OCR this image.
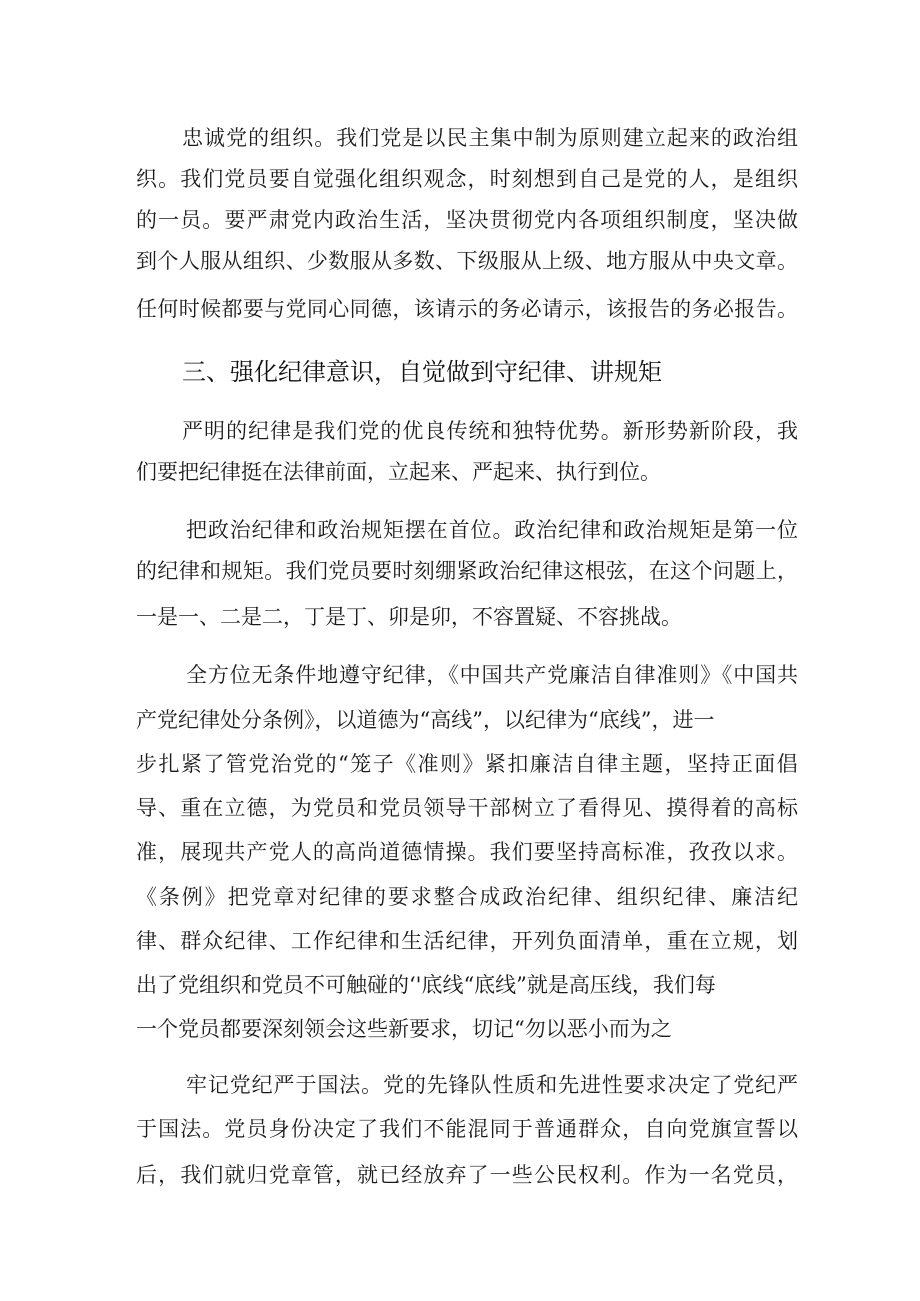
忠诚党的组织。我们党是以民主集中制为原则建立起来的政治组
织。我们党员要自觉强化组织观念，时刻想到自己是党的人，是组织
的一员。要严肃党内政治生活，坚决贯彻党内各项组织制度，坚决做
到个人服从组织、少数服从多数、下级服从上级、地方服从中央文章。
任何时候都要与党同心同德，该请示的务必请示，该报告的务必报告。
三、强化纪律意识，自觉做到守纪律、讲规矩
严明的纪律是我们党的优良传统和独特优势。新形势新阶段，我
们要把纪律挺在法律前面，立起来、严起来、执行到位。
把政治纪律和政治规矩摆在首位。政治纪律和政治规矩是第一位
的纪律和规矩。我们党员要时刻绷紧政治纪律这根弦，在这个问题上，
一是一、二是二，丁是丁、卯是卯，不容置疑、不容挑战。
全方位无条件地遵守纪律，《中国共产党廉洁自律准则》《中国共
产党纪律处分条例》，以道德为“高线”，以纪律为“底线”，进一
步扎紧了管党治党的“笼子《准则》紧扣廉洁自律主题，坚持正面倡
导、重在立德，为党员和党员领导干部树立了看得见、摸得着的高标
准，展现共产党人的高尚道德情操。我们要坚持高标准，孜孜以求。
《条例》把党章对纪律的要求整合成政治纪律、组织纪律、廉洁纪
律、群众纪律、工作纪律和生活纪律，开列负面清单，重在立规，划
出了党组织和党员不可触碰的‘'底线“底线”就是高压线，我们每
一个党员都要深刻领会这些新要求，切记“勿以恶小而为之
牢记党纪严于国法。党的先锋队性质和先进性要求决定了党纪严
于国法。党员身份决定了我们不能混同于普通群众，自向党旗宣誓以
后，我们就归党章管，就已经放弃了一些公民权利。作为一名党员，
